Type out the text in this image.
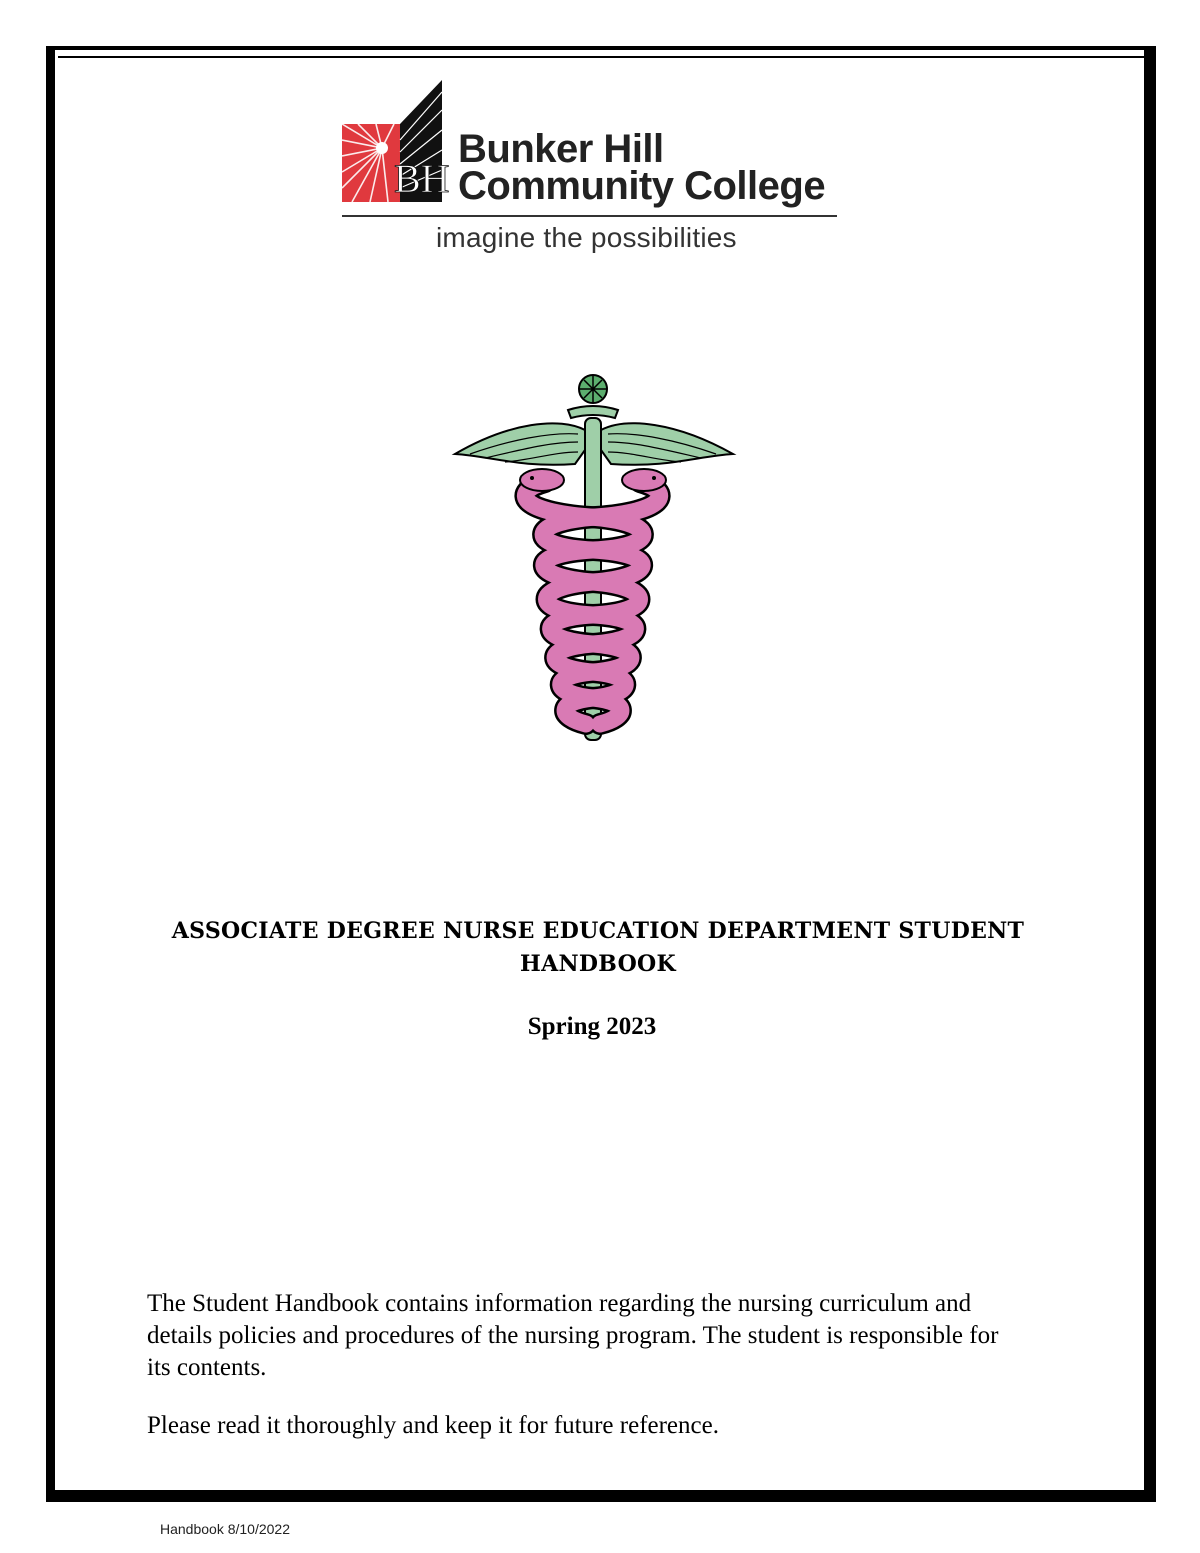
BH
Bunker Hill
Community College
imagine the possibilities
ASSOCIATE DEGREE NURSE EDUCATION DEPARTMENT STUDENT HANDBOOK
Spring 2023
The Student Handbook contains information regarding the nursing curriculum and details policies and procedures of the nursing program. The student is responsible for its contents.
Please read it thoroughly and keep it for future reference.
Handbook 8/10/2022
